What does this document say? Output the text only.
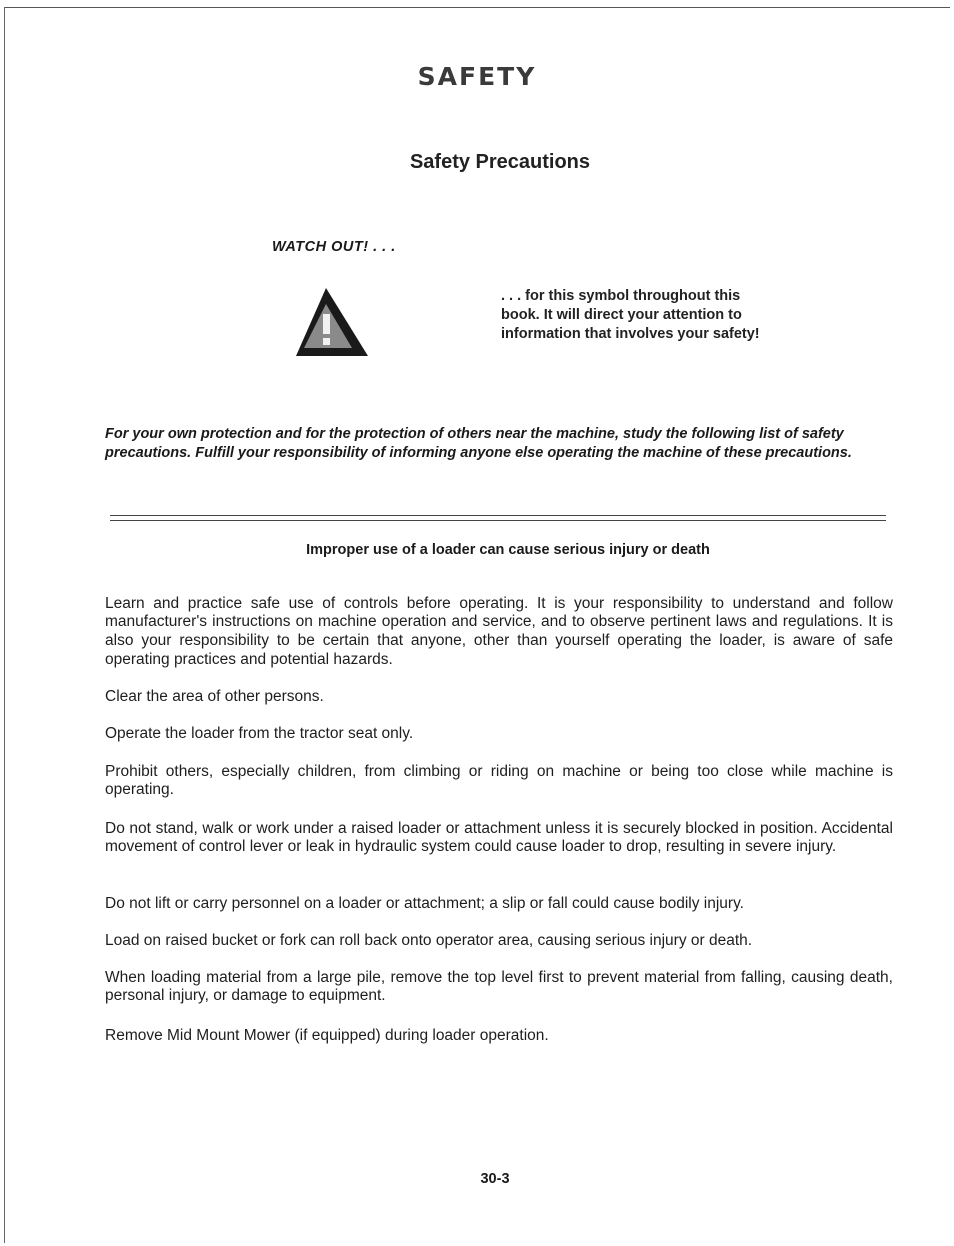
SAFETY
Safety Precautions
WATCH OUT! . . .
. . . for this symbol throughout this book. It will direct your attention to information that involves your safety!
For your own protection and for the protection of others near the machine, study the following list of safety precautions. Fulfill your responsibility of informing anyone else operating the machine of these precautions.
Improper use of a loader can cause serious injury or death

Learn and practice safe use of controls before operating. It is your responsibility to understand and follow manufacturer's instructions on machine operation and service, and to observe pertinent laws and regulations. It is also your responsibility to be certain that anyone, other than yourself operating the loader, is aware of safe operating practices and potential hazards.

Clear the area of other persons.

Operate the loader from the tractor seat only.

Prohibit others, especially children, from climbing or riding on machine or being too close while machine is operating.

Do not stand, walk or work under a raised loader or attachment unless it is securely blocked in position. Accidental movement of control lever or leak in hydraulic system could cause loader to drop, resulting in severe injury.

Do not lift or carry personnel on a loader or attachment; a slip or fall could cause bodily injury.

Load on raised bucket or fork can roll back onto operator area, causing serious injury or death.

When loading material from a large pile, remove the top level first to prevent material from falling, causing death, personal injury, or damage to equipment.

Remove Mid Mount Mower (if equipped) during loader operation.

30-3
